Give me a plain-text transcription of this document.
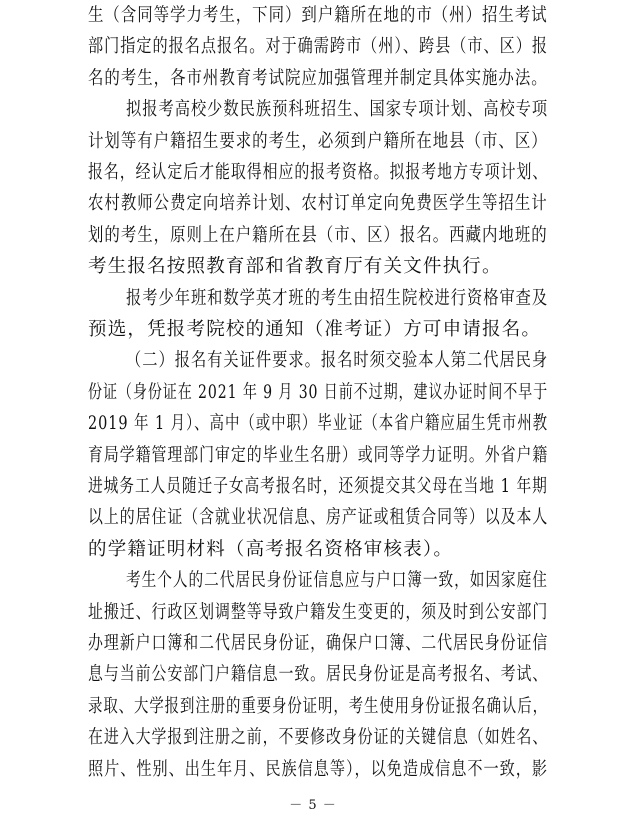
生（含同等学力考生，下同）到户籍所在地的市（州）招生考试
部门指定的报名点报名。对于确需跨市（州）、跨县（市、区）报
名的考生，各市州教育考试院应加强管理并制定具体实施办法。
拟报考高校少数民族预科班招生、国家专项计划、高校专项
计划等有户籍招生要求的考生，必须到户籍所在地县（市、区）
报名，经认定后才能取得相应的报考资格。拟报考地方专项计划、
农村教师公费定向培养计划、农村订单定向免费医学生等招生计
划的考生，原则上在户籍所在县（市、区）报名。西藏内地班的
考生报名按照教育部和省教育厅有关文件执行。
报考少年班和数学英才班的考生由招生院校进行资格审查及
预选，凭报考院校的通知（准考证）方可申请报名。
（二）报名有关证件要求。报名时须交验本人第二代居民身
份证（身份证在 2021 年 9 月 30 日前不过期，建议办证时间不早于
2019 年 1 月）、高中（或中职）毕业证（本省户籍应届生凭市州教
育局学籍管理部门审定的毕业生名册）或同等学力证明。外省户籍
进城务工人员随迁子女高考报名时，还须提交其父母在当地 1 年期
以上的居住证（含就业状况信息、房产证或租赁合同等）以及本人
的学籍证明材料（高考报名资格审核表）。
考生个人的二代居民身份证信息应与户口簿一致，如因家庭住
址搬迁、行政区划调整等导致户籍发生变更的，须及时到公安部门
办理新户口簿和二代居民身份证，确保户口簿、二代居民身份证信
息与当前公安部门户籍信息一致。居民身份证是高考报名、考试、
录取、大学报到注册的重要身份证明，考生使用身份证报名确认后，
在进入大学报到注册之前，不要修改身份证的关键信息（如姓名、
照片、性别、出生年月、民族信息等），以免造成信息不一致，影
－ 5 －
